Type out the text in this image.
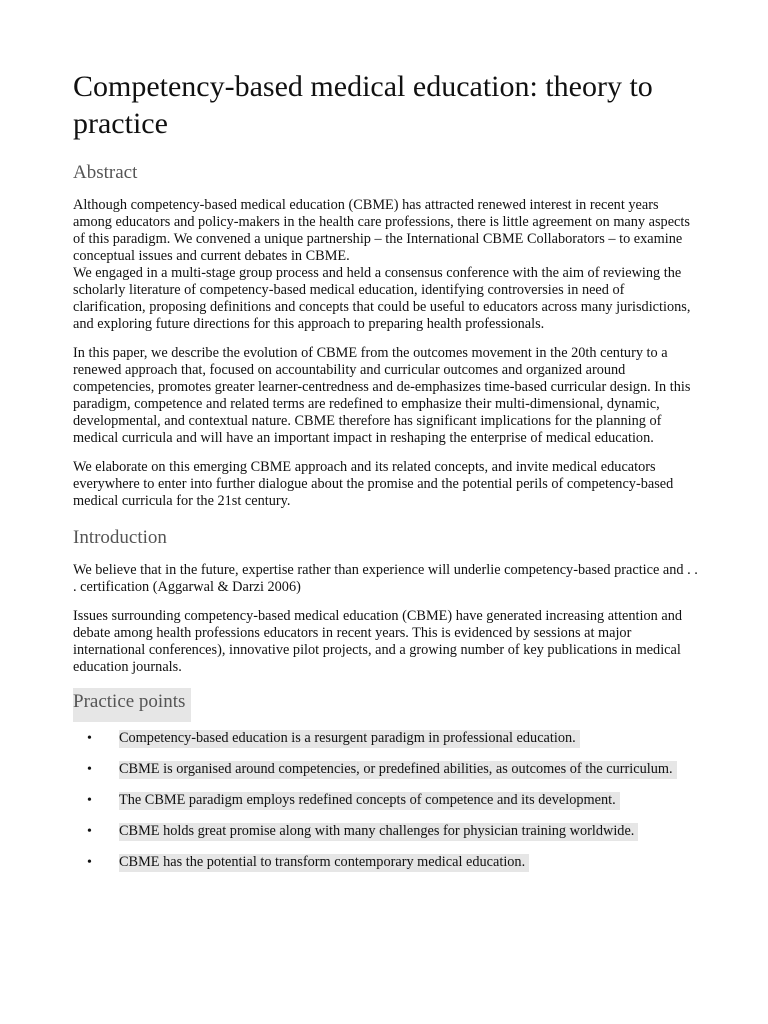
Competency-based medical education: theory to practice
Abstract

Although competency-based medical education (CBME) has attracted renewed interest in recent years among educators and policy-makers in the health care professions, there is little agreement on many aspects of this paradigm. We convened a unique partnership – the International CBME Collaborators – to examine conceptual issues and current debates in CBME.

We engaged in a multi-stage group process and held a consensus conference with the aim of reviewing the scholarly literature of competency-based medical education, identifying controversies in need of clarification, proposing definitions and concepts that could be useful to educators across many jurisdictions, and exploring future directions for this approach to preparing health professionals.

In this paper, we describe the evolution of CBME from the outcomes movement in the 20th century to a renewed approach that, focused on accountability and curricular outcomes and organized around competencies, promotes greater learner-centredness and de-emphasizes time-based curricular design. In this paradigm, competence and related terms are redefined to emphasize their multi-dimensional, dynamic, developmental, and contextual nature. CBME therefore has significant implications for the planning of medical curricula and will have an important impact in reshaping the enterprise of medical education.

We elaborate on this emerging CBME approach and its related concepts, and invite medical educators everywhere to enter into further dialogue about the promise and the potential perils of competency-based medical curricula for the 21st century.

Introduction

We believe that in the future, expertise rather than experience will underlie competency-based practice and . . . certification (Aggarwal & Darzi 2006)

Issues surrounding competency-based medical education (CBME) have generated increasing attention and debate among health professions educators in recent years. This is evidenced by sessions at major international conferences), innovative pilot projects, and a growing number of key publications in medical education journals.

Practice points
• Competency-based education is a resurgent paradigm in professional education.
• CBME is organised around competencies, or predefined abilities, as outcomes of the curriculum.
• The CBME paradigm employs redefined concepts of competence and its development.
• CBME holds great promise along with many challenges for physician training worldwide.
• CBME has the potential to transform contemporary medical education.
